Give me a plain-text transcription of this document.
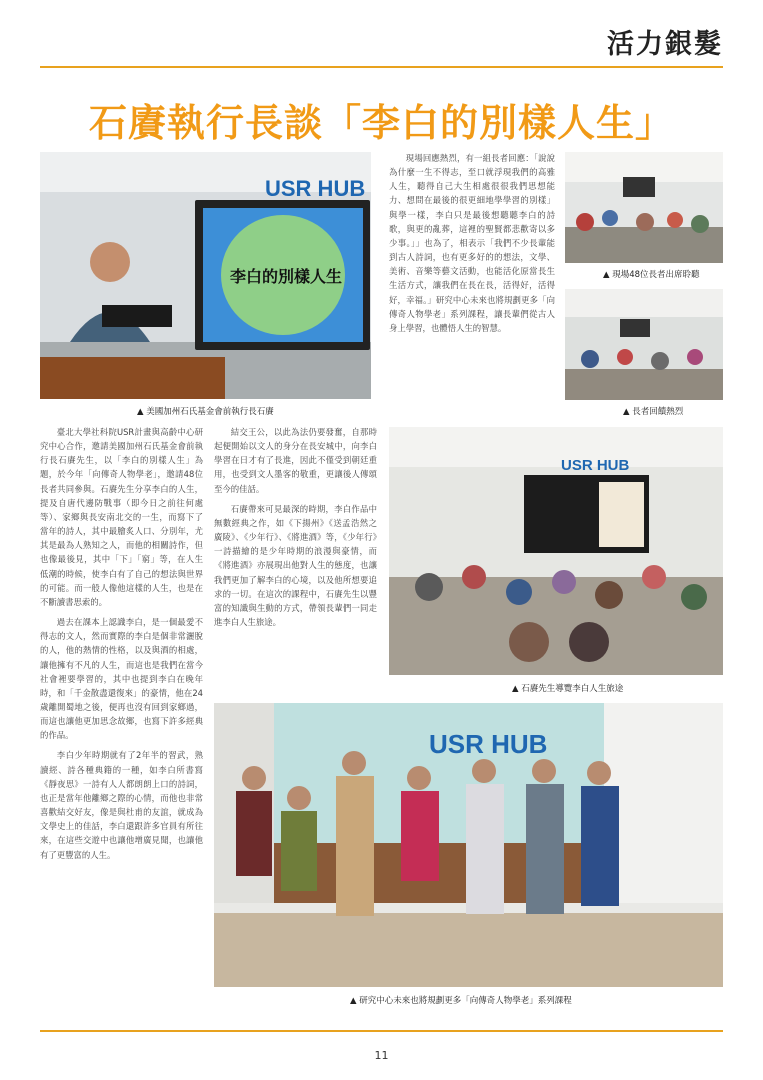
活力銀髮
石賡執行長談「李白的別樣人生」
USR HUB
李白的別樣人生
▲ 美國加州石氏基金會前執行長石賡

現場回應熱烈，有一組長者回應：「說說為什麼一生不得志，至口就浮現我們的高雅人生，聽得自己大生相處很很我們思想能力、想問在最後的很更細地學學習的別樣」與學一樣，李白只是最後想聽聽李白的詩歌，與更的亂葬，這裡的聖賢都悲歡寄以多少事。」」也為了，相表示「我們不少長輩能到古人詩詞，也有更多好的的想法，文學、美術、音樂等藝文活動，也能活化原當長生生活方式，讓我們在長在長，活得好，活得好，幸福。」研究中心未來也將規劃更多「向傳奇人物學老」系列課程，讓長輩們從古人身上學習，也體悟人生的智慧。

▲ 現場48位長者出席聆聽
▲ 長者回饋熱烈

臺北大學社科院USR計畫與高齡中心研究中心合作，邀請美國加州石氏基金會前執行長石賡先生，以「李白的別樣人生」為題，於今年「向傳奇人物學老」，邀請48位長者共同參與。石賡先生分享李白的人生，提及自唐代邊防戰事（即今日之前往何處等）、家鄉與長安南北交的一生，而寫下了當年的詩人，其中最膾炙人口、分別年，尤其是最為人熟知之人，而他的相關詩作，但也像最後見，其中「下」「窮」等，在人生低潮的時候，使李白有了自己的想法與世界的可能。而一般人像他這樣的人生，也是在不斷讀書思索的。

過去在課本上認識李白，是一個最愛不得志的文人，然而實際的李白是個非常灑脫的人，他的熱情的性格，以及與酒的相處，讓他擁有不凡的人生，而這也是我們在當今社會裡要學習的，其中也提到李白在晚年時，和「千金散盡還復來」的豪情，他在24歲離開蜀地之後，便再也沒有回到家鄉過，而這也讓他更加思念故鄉，也寫下許多經典的作品。

李白少年時期就有了2年半的習武，熟讀經、詩各種典籍的一種，如李白所書寫《靜夜思》一詩有人人都朗朗上口的詩詞，也正是當年他離鄉之際的心情，而他也非常喜歡結交好友，像是與杜甫的友誼，就成為文學史上的佳話，李白還跟許多官員有所往來，在這些交遊中也讓他增廣見聞，也讓他有了更豐富的人生。

結交王公，以此為法仍要發奮，自那時起便開始以文人的身分在長安城中，向李白學習在日才有了長進，因此不僅受到朝廷重用，也受到文人墨客的敬重，更讓後人傳頌至今的佳話。

石賡帶來可見最深的時期，李白作品中無數經典之作，如《下揚州》《送孟浩然之廣陵》、《少年行》、《將進酒》等，《少年行》一詩描繪的是少年時期的浪漫與豪情，而《將進酒》亦展現出他對人生的態度，也讓我們更加了解李白的心境，以及他所想要追求的一切。在這次的課程中，石賡先生以豐富的知識與生動的方式，帶領長輩們一同走進李白人生旅途。

USR HUB
▲ 石賡先生導覽李白人生旅途
USR HUB
▲ 研究中心未來也將規劃更多「向傳奇人物學老」系列課程
11
